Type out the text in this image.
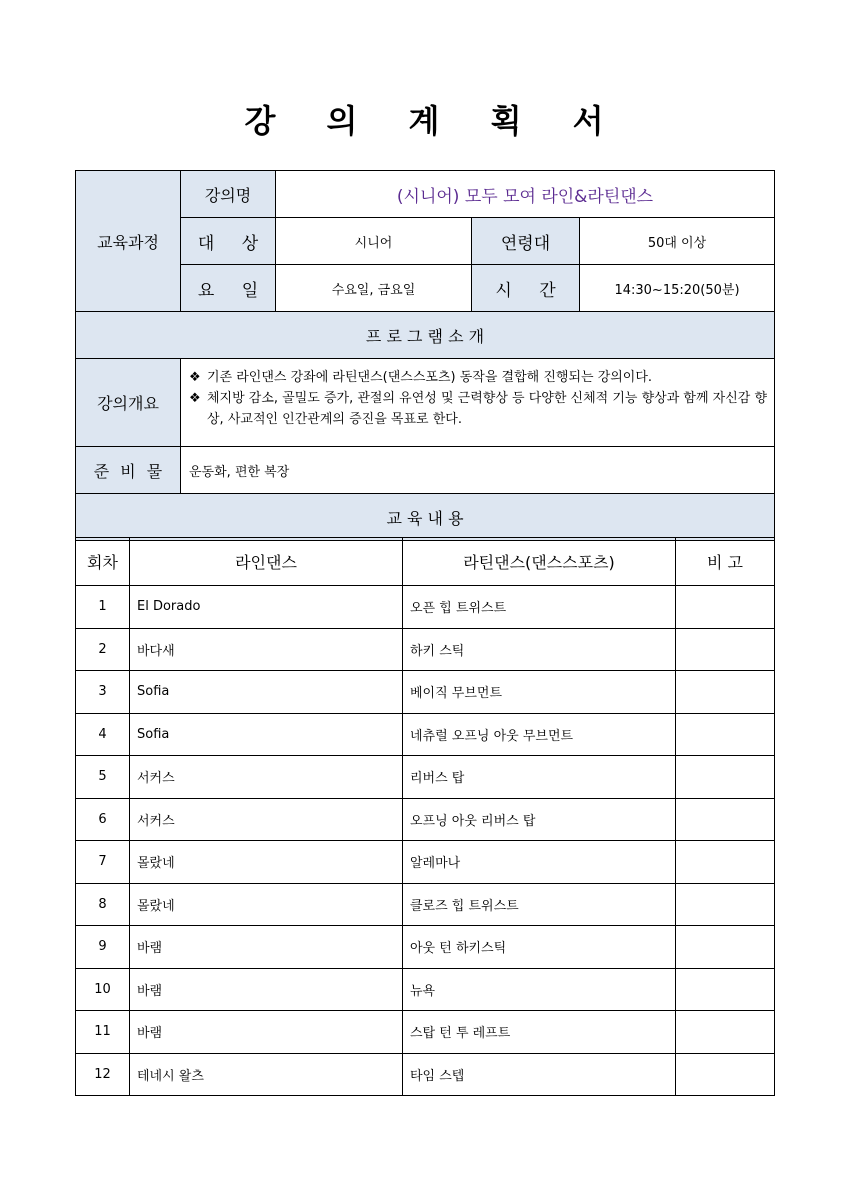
강 의 계 획 서
교육과정	강의명	(시니어) 모두 모여 라인&라틴댄스		
	대 상	시니어	연령대	50대 이상
	요 일	수요일, 금요일	시 간	14:30~15:20(50분)
프 로 그 램 소 개				
강의개요	❖ 기존 라인댄스 강좌에 라틴댄스(댄스스포츠) 동작을 결합해 진행되는 강의이다.
❖ 체지방 감소, 골밀도 증가, 관절의 유연성 및 근력향상 등 다양한 신체적 기능 향상과 함께 자신감 향상, 사교적인 인간관계의 증진을 목표로 한다.			

준 비 물	운동화, 편한 복장			
교 육 내 용				
회차	라인댄스	라틴댄스(댄스스포츠)	비 고
1	El Dorado	오픈 힙 트위스트	
2	바다새	하키 스틱	
3	Sofia	베이직 무브먼트	
4	Sofia	네츄럴 오프닝 아웃 무브먼트	
5	서커스	리버스 탑	
6	서커스	오프닝 아웃 리버스 탑	
7	몰랐네	알레마나	
8	몰랐네	클로즈 힙 트위스트	
9	바램	아웃 턴 하키스틱	
10	바램	뉴욕	
11	바램	스탑 턴 투 레프트	
12	테네시 왈츠	타임 스텝	
